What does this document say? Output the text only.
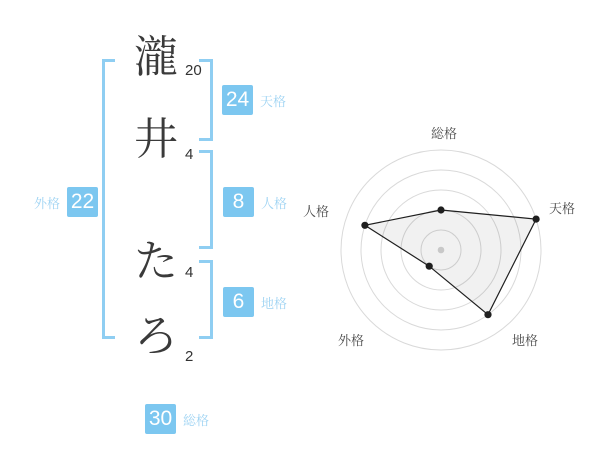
瀧
井
た
ろ
20
4
4
2
24 天格
8	人格
6	地格
外格 22
30 総格
総格
天格
地格
外格
人格
